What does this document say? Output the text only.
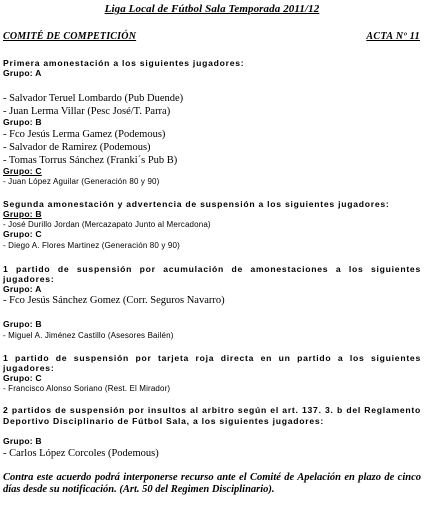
Liga Local de Fútbol Sala Temporada 2011/12
COMITÉ DE COMPETICIÓN	ACTA Nº 11

Primera amonestación a los siguientes jugadores:

Grupo: A

- Salvador Teruel Lombardo (Pub Duende)

- Juan Lerma Villar (Pesc José/T. Parra)

Grupo: B

- Fco Jesús Lerma Gamez (Podemous)

- Salvador de Ramirez (Podemous)

- Tomas Torrus Sánchez (Franki´s Pub B)

Grupo: C

- Juan López Aguilar (Generación 80 y 90)

Segunda amonestación y advertencia de suspensión a los siguientes jugadores:

Grupo: B

- José Durillo Jordan (Mercazapato Junto al Mercadona)

Grupo: C

- Diego A. Flores Martinez (Generación 80 y 90)

1 partido de suspensión por acumulación de amonestaciones a los siguientes jugadores:

Grupo: A

- Fco Jesús Sánchez Gomez (Corr. Seguros Navarro)

Grupo: B

- Miguel A. Jiménez Castillo (Asesores Bailén)

1 partido de suspensión por tarjeta roja directa en un partido a los siguientes jugadores:

Grupo: C

- Francisco Alonso Soriano (Rest. El Mirador)

2 partidos de suspensión por insultos al arbitro según el art. 137. 3. b del Reglamento Deportivo Disciplinario de Fútbol Sala, a los siguientes jugadores:

Grupo: B

- Carlos López Corcoles (Podemous)

Contra este acuerdo podrá interponerse recurso ante el Comité de Apelación en plazo de cinco días desde su notificación. (Art. 50 del Regimen Disciplinario).
